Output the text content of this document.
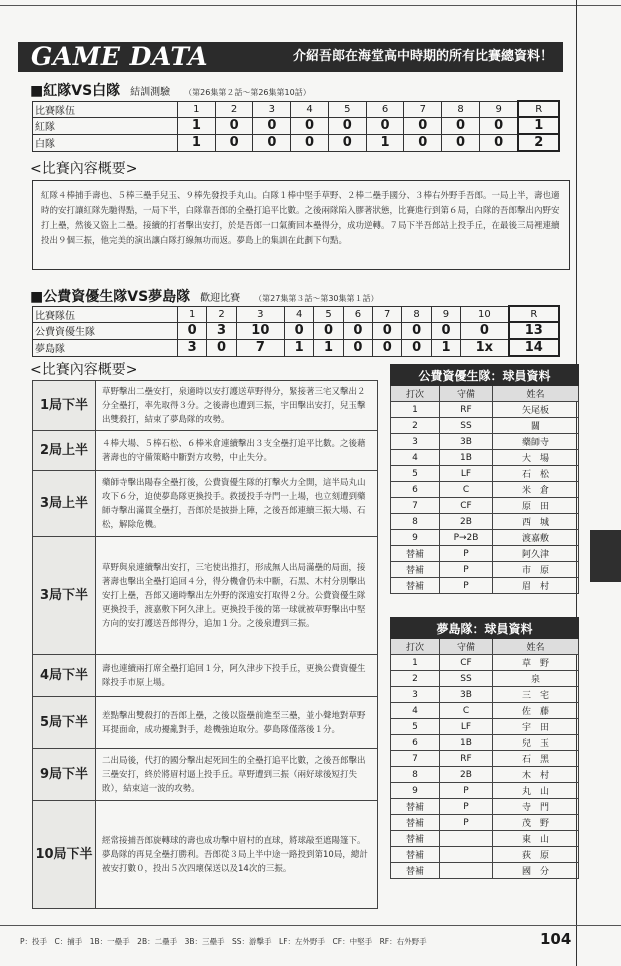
GAME DATA	介紹吾郎在海堂高中時期的所有比賽總資料！
■紅隊VS白隊 結訓測驗 （第26集第２話～第26集第10話）
比賽隊伍	1	2	3	4	5	6	7	8	9	R
紅隊	1	0	0	0	0	0	0	0	0	1
白隊	1	0	0	0	0	1	0	0	0	2
<比賽內容概要>
紅隊４棒捕手壽也、５棒三壘手兒玉、９棒先發投手丸山。白隊１棒中堅手草野、２棒二壘手國分、３棒右外野手吾郎。一局上半，壽也適時的安打讓紅隊先馳得點，一局下半，白隊靠吾郎的全壘打追平比數。之後兩隊陷入膠著狀態，比賽進行到第６局，白隊的吾郎擊出內野安打上壘，然後又盜上二壘。接續的打者擊出安打，於是吾郎一口氣衝回本壘得分，成功逆轉。７局下半吾郎站上投手丘，在最後三局裡連續投出９個三振，他完美的演出讓白隊打線無功而返。夢島上的集訓在此劃下句點。
■公費資優生隊VS夢島隊 歡迎比賽 （第27集第３話～第30集第１話）
比賽隊伍	1	2	3	4	5	6	7	8	9	10	R
公費資優生隊	0	3	10	0	0	0	0	0	0	0	13
夢島隊	3	0	7	1	1	0	0	0	1	1x	14
<比賽內容概要>
1局下半	草野擊出二壘安打，泉適時以安打護送草野得分，緊接著三宅又擊出２分全壘打，率先取得３分。之後壽也遭到三振，宇田擊出安打，兒玉擊出雙殺打，結束了夢島隊的攻勢。
2局上半	４棒大場、５棒石松、６棒米倉連續擊出３支全壘打追平比數。之後藉著壽也的守備策略中斷對方攻勢，中止失分。
3局上半	藥師寺擊出陽春全壘打後，公費資優生隊的打擊火力全開，這半局丸山攻下６分，迫使夢島隊更換投手。救援投手寺門一上場，也立刻遭到藥師寺擊出滿貫全壘打，吾郎於是披掛上陣，之後吾郎連續三振大場、石松，解除危機。
3局下半	草野與泉連續擊出安打，三宅使出推打，形成無人出局滿壘的局面，接著壽也擊出全壘打追回４分，得分機會仍未中斷，石黑、木村分別擊出安打上壘，吾郎又適時擊出左外野的深遠安打取得２分。公費資優生隊更換投手，渡嘉敷下阿久津上。更換投手後的第一球就被草野擊出中堅方向的安打護送吾郎得分，追加１分。之後泉遭到三振。
4局下半	壽也連續兩打席全壘打追回１分，阿久津步下投手丘，更換公費資優生隊投手市原上場。
5局下半	差點擊出雙殺打的吾郎上壘，之後以盜壘前進至三壘，並小聲地對草野耳提面命，成功擾亂對手，趁機強迫取分。夢島隊僅落後１分。
9局下半	二出局後，代打的國分擊出起死回生的全壘打追平比數，之後吾郎擊出三壘安打，終於將眉村逼上投手丘。草野遭到三振（兩好球後短打失敗），結束這一波的攻勢。
10局下半	經常接捕吾郎旋轉球的壽也成功擊中眉村的直球，將球敲至遮陽篷下。夢島隊的再見全壘打勝利。吾郎從３局上半中途一路投到第10局，總計被安打數０，投出５次四壞保送以及14次的三振。
公費資優生隊：球員資料		
打次	守備	姓名
1	RF	矢尾板
2	SS	關
3	3B	藥師寺
4	1B	大　場
5	LF	石　松
6	C	米　倉
7	CF	原　田
8	2B	西　城
9	P→2B	渡嘉敷
替補	P	阿久津
替補	P	市　原
替補	P	眉　村
夢島隊：球員資料		
打次	守備	姓名
1	CF	草　野
2	SS	泉
3	3B	三　宅
4	C	佐　藤
5	LF	宇　田
6	1B	兒　玉
7	RF	石　黑
8	2B	木　村
9	P	丸　山
替補	P	寺　門
替補	P	茂　野
替補		東　山
替補		荻　原
替補		國　分
P：投手　C：捕手　1B：一壘手　2B：二壘手　3B：三壘手　SS：游擊手　LF：左外野手　CF：中堅手　RF：右外野手	104
